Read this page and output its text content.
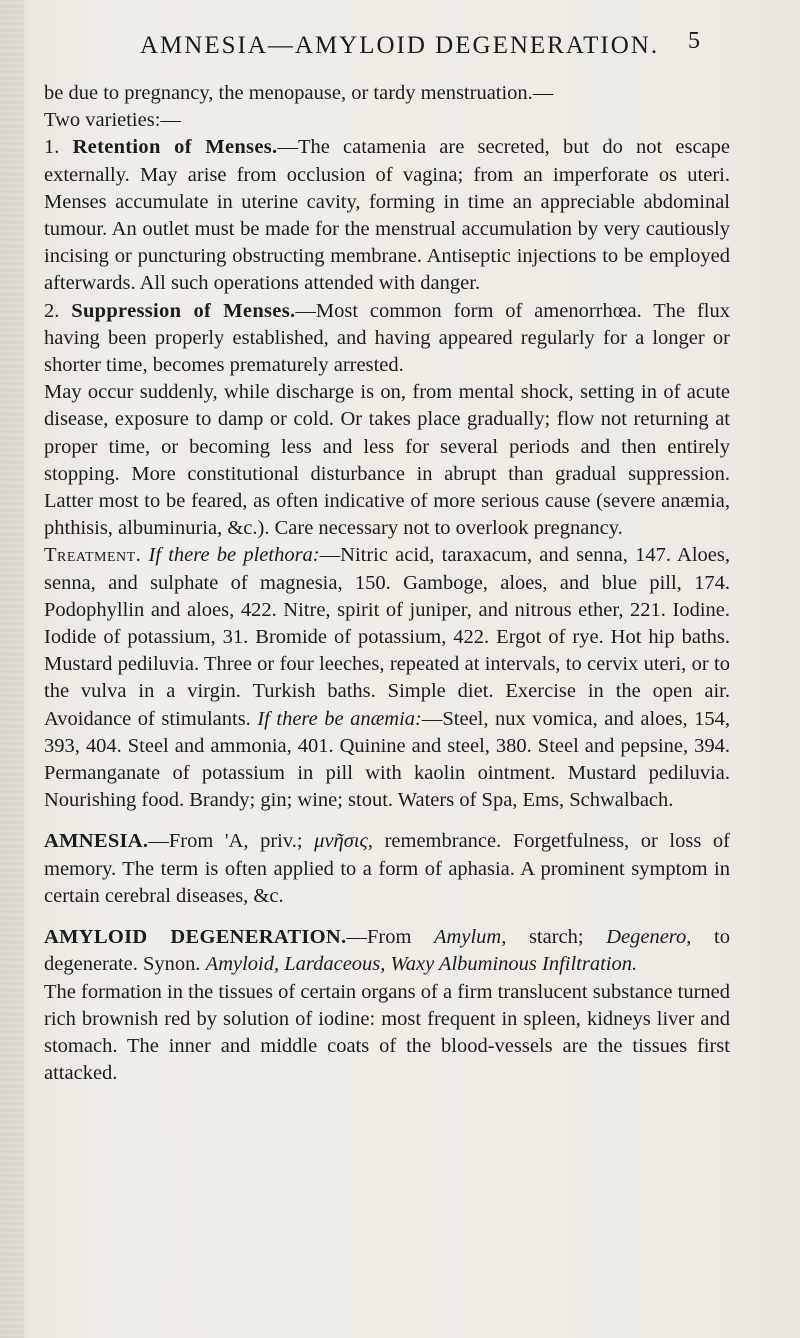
AMNESIA—AMYLOID DEGENERATION. 5

be due to pregnancy, the menopause, or tardy menstruation.—

Two varieties:—

1. Retention of Menses.—The catamenia are secreted, but do not escape externally. May arise from occlusion of vagina; from an imperforate os uteri. Menses accumulate in uterine cavity, forming in time an appreciable abdominal tumour. An outlet must be made for the menstrual accumulation by very cautiously incising or puncturing obstructing membrane. Antiseptic injections to be employed afterwards. All such operations attended with danger.

2. Suppression of Menses.—Most common form of amenorrhœa. The flux having been properly established, and having appeared regularly for a longer or shorter time, becomes prematurely arrested.

May occur suddenly, while discharge is on, from mental shock, setting in of acute disease, exposure to damp or cold. Or takes place gradually; flow not returning at proper time, or becoming less and less for several periods and then entirely stopping. More constitutional disturbance in abrupt than gradual suppression. Latter most to be feared, as often indicative of more serious cause (severe anæmia, phthisis, albuminuria, &c.). Care necessary not to overlook pregnancy.

Treatment. If there be plethora:—Nitric acid, taraxacum, and senna, 147. Aloes, senna, and sulphate of magnesia, 150. Gamboge, aloes, and blue pill, 174. Podophyllin and aloes, 422. Nitre, spirit of juniper, and nitrous ether, 221. Iodine. Iodide of potassium, 31. Bromide of potassium, 422. Ergot of rye. Hot hip baths. Mustard pediluvia. Three or four leeches, repeated at intervals, to cervix uteri, or to the vulva in a virgin. Turkish baths. Simple diet. Exercise in the open air. Avoidance of stimulants. If there be anæmia:—Steel, nux vomica, and aloes, 154, 393, 404. Steel and ammonia, 401. Quinine and steel, 380. Steel and pepsine, 394. Permanganate of potassium in pill with kaolin ointment. Mustard pediluvia. Nourishing food. Brandy; gin; wine; stout. Waters of Spa, Ems, Schwalbach.

AMNESIA.—From 'Α, priv.; μνῆσις, remembrance. Forgetfulness, or loss of memory. The term is often applied to a form of aphasia. A prominent symptom in certain cerebral diseases, &c.

AMYLOID DEGENERATION.—From Amylum, starch; Degenero, to degenerate. Synon. Amyloid, Lardaceous, Waxy Albuminous Infiltration.

The formation in the tissues of certain organs of a firm translucent substance turned rich brownish red by solution of iodine: most frequent in spleen, kidneys liver and stomach. The inner and middle coats of the blood-vessels are the tissues first attacked.
